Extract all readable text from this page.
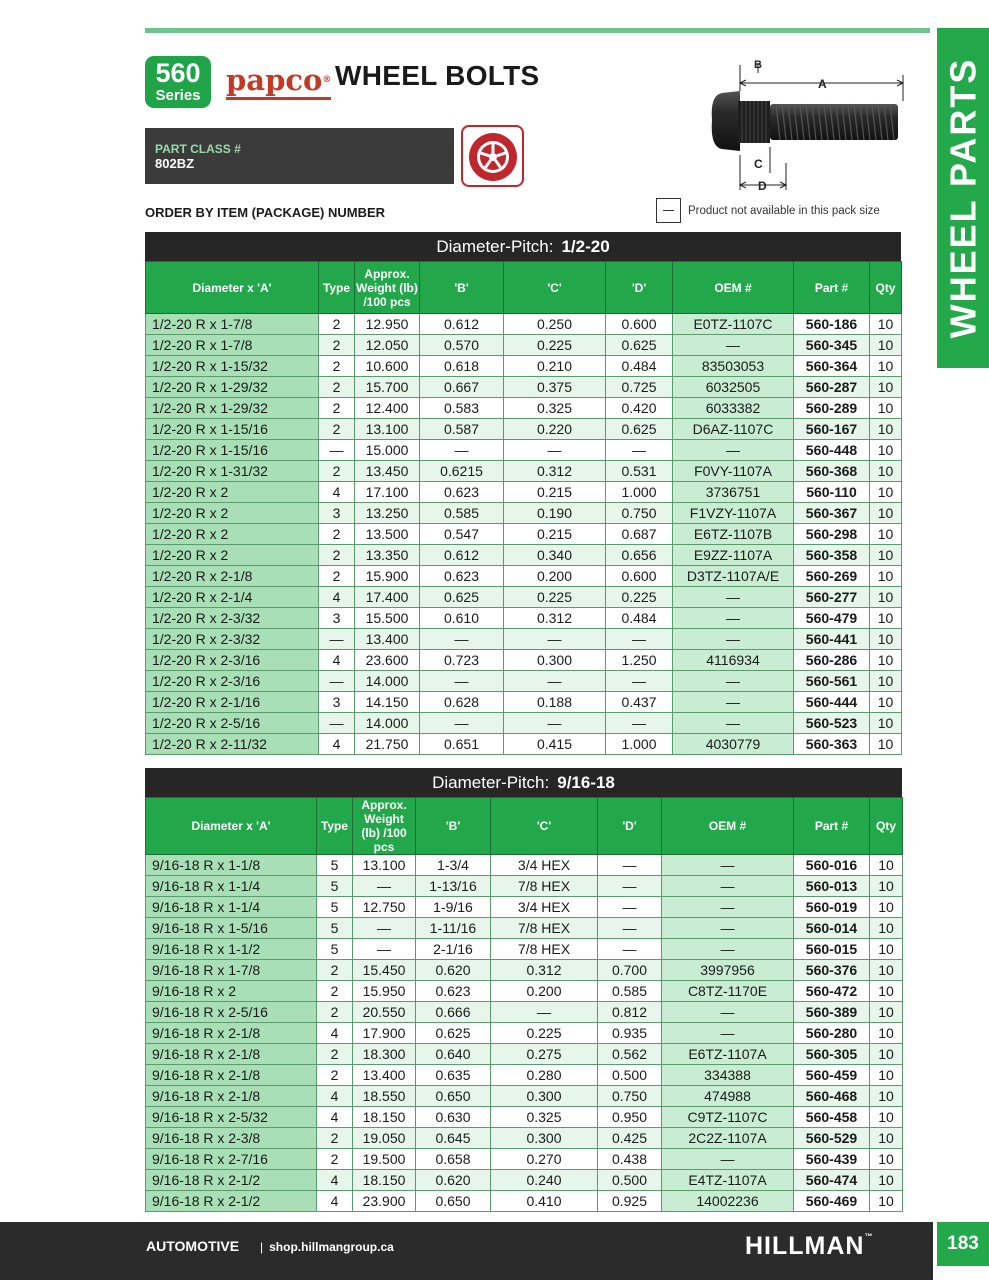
WHEEL PARTS
560
Series papco® WHEEL BOLTS
PART CLASS #
802BZ
B
A
C
D
ORDER BY ITEM (PACKAGE) NUMBER	Product not available in this pack size
Diameter-Pitch: 1/2-20
Diameter x 'A'	Type	Approx. Weight (lb) /100 pcs	'B'	'C'	'D'	OEM #	Part #	Qty
1/2-20 R x 1-7/8	2	12.950	0.612	0.250	0.600	E0TZ-1107C	560-186	10
1/2-20 R x 1-7/8	2	12.050	0.570	0.225	0.625	—	560-345	10
1/2-20 R x 1-15/32	2	10.600	0.618	0.210	0.484	83503053	560-364	10
1/2-20 R x 1-29/32	2	15.700	0.667	0.375	0.725	6032505	560-287	10
1/2-20 R x 1-29/32	2	12.400	0.583	0.325	0.420	6033382	560-289	10
1/2-20 R x 1-15/16	2	13.100	0.587	0.220	0.625	D6AZ-1107C	560-167	10
1/2-20 R x 1-15/16	—	15.000	—	—	—	—	560-448	10
1/2-20 R x 1-31/32	2	13.450	0.6215	0.312	0.531	F0VY-1107A	560-368	10
1/2-20 R x 2	4	17.100	0.623	0.215	1.000	3736751	560-110	10
1/2-20 R x 2	3	13.250	0.585	0.190	0.750	F1VZY-1107A	560-367	10
1/2-20 R x 2	2	13.500	0.547	0.215	0.687	E6TZ-1107B	560-298	10
1/2-20 R x 2	2	13.350	0.612	0.340	0.656	E9ZZ-1107A	560-358	10
1/2-20 R x 2-1/8	2	15.900	0.623	0.200	0.600	D3TZ-1107A/E	560-269	10
1/2-20 R x 2-1/4	4	17.400	0.625	0.225	0.225	—	560-277	10
1/2-20 R x 2-3/32	3	15.500	0.610	0.312	0.484	—	560-479	10
1/2-20 R x 2-3/32	—	13.400	—	—	—	—	560-441	10
1/2-20 R x 2-3/16	4	23.600	0.723	0.300	1.250	4116934	560-286	10
1/2-20 R x 2-3/16	—	14.000	—	—	—	—	560-561	10
1/2-20 R x 2-1/16	3	14.150	0.628	0.188	0.437	—	560-444	10
1/2-20 R x 2-5/16	—	14.000	—	—	—	—	560-523	10
1/2-20 R x 2-11/32	4	21.750	0.651	0.415	1.000	4030779	560-363	10
Diameter-Pitch: 9/16-18
Diameter x 'A'	Type	Approx. Weight (lb) /100 pcs	'B'	'C'	'D'	OEM #	Part #	Qty
9/16-18 R x 1-1/8	5	13.100	1-3/4	3/4 HEX	—	—	560-016	10
9/16-18 R x 1-1/4	5	—	1-13/16	7/8 HEX	—	—	560-013	10
9/16-18 R x 1-1/4	5	12.750	1-9/16	3/4 HEX	—	—	560-019	10
9/16-18 R x 1-5/16	5	—	1-11/16	7/8 HEX	—	—	560-014	10
9/16-18 R x 1-1/2	5	—	2-1/16	7/8 HEX	—	—	560-015	10
9/16-18 R x 1-7/8	2	15.450	0.620	0.312	0.700	3997956	560-376	10
9/16-18 R x 2	2	15.950	0.623	0.200	0.585	C8TZ-1170E	560-472	10
9/16-18 R x 2-5/16	2	20.550	0.666	—	0.812	—	560-389	10
9/16-18 R x 2-1/8	4	17.900	0.625	0.225	0.935	—	560-280	10
9/16-18 R x 2-1/8	2	18.300	0.640	0.275	0.562	E6TZ-1107A	560-305	10
9/16-18 R x 2-1/8	2	13.400	0.635	0.280	0.500	334388	560-459	10
9/16-18 R x 2-1/8	4	18.550	0.650	0.300	0.750	474988	560-468	10
9/16-18 R x 2-5/32	4	18.150	0.630	0.325	0.950	C9TZ-1107C	560-458	10
9/16-18 R x 2-3/8	2	19.050	0.645	0.300	0.425	2C2Z-1107A	560-529	10
9/16-18 R x 2-7/16	2	19.500	0.658	0.270	0.438	—	560-439	10
9/16-18 R x 2-1/2	4	18.150	0.620	0.240	0.500	E4TZ-1107A	560-474	10
9/16-18 R x 2-1/2	4	23.900	0.650	0.410	0.925	14002236	560-469	10
AUTOMOTIVE | shop.hillmangroup.ca	HILLMAN™	183
